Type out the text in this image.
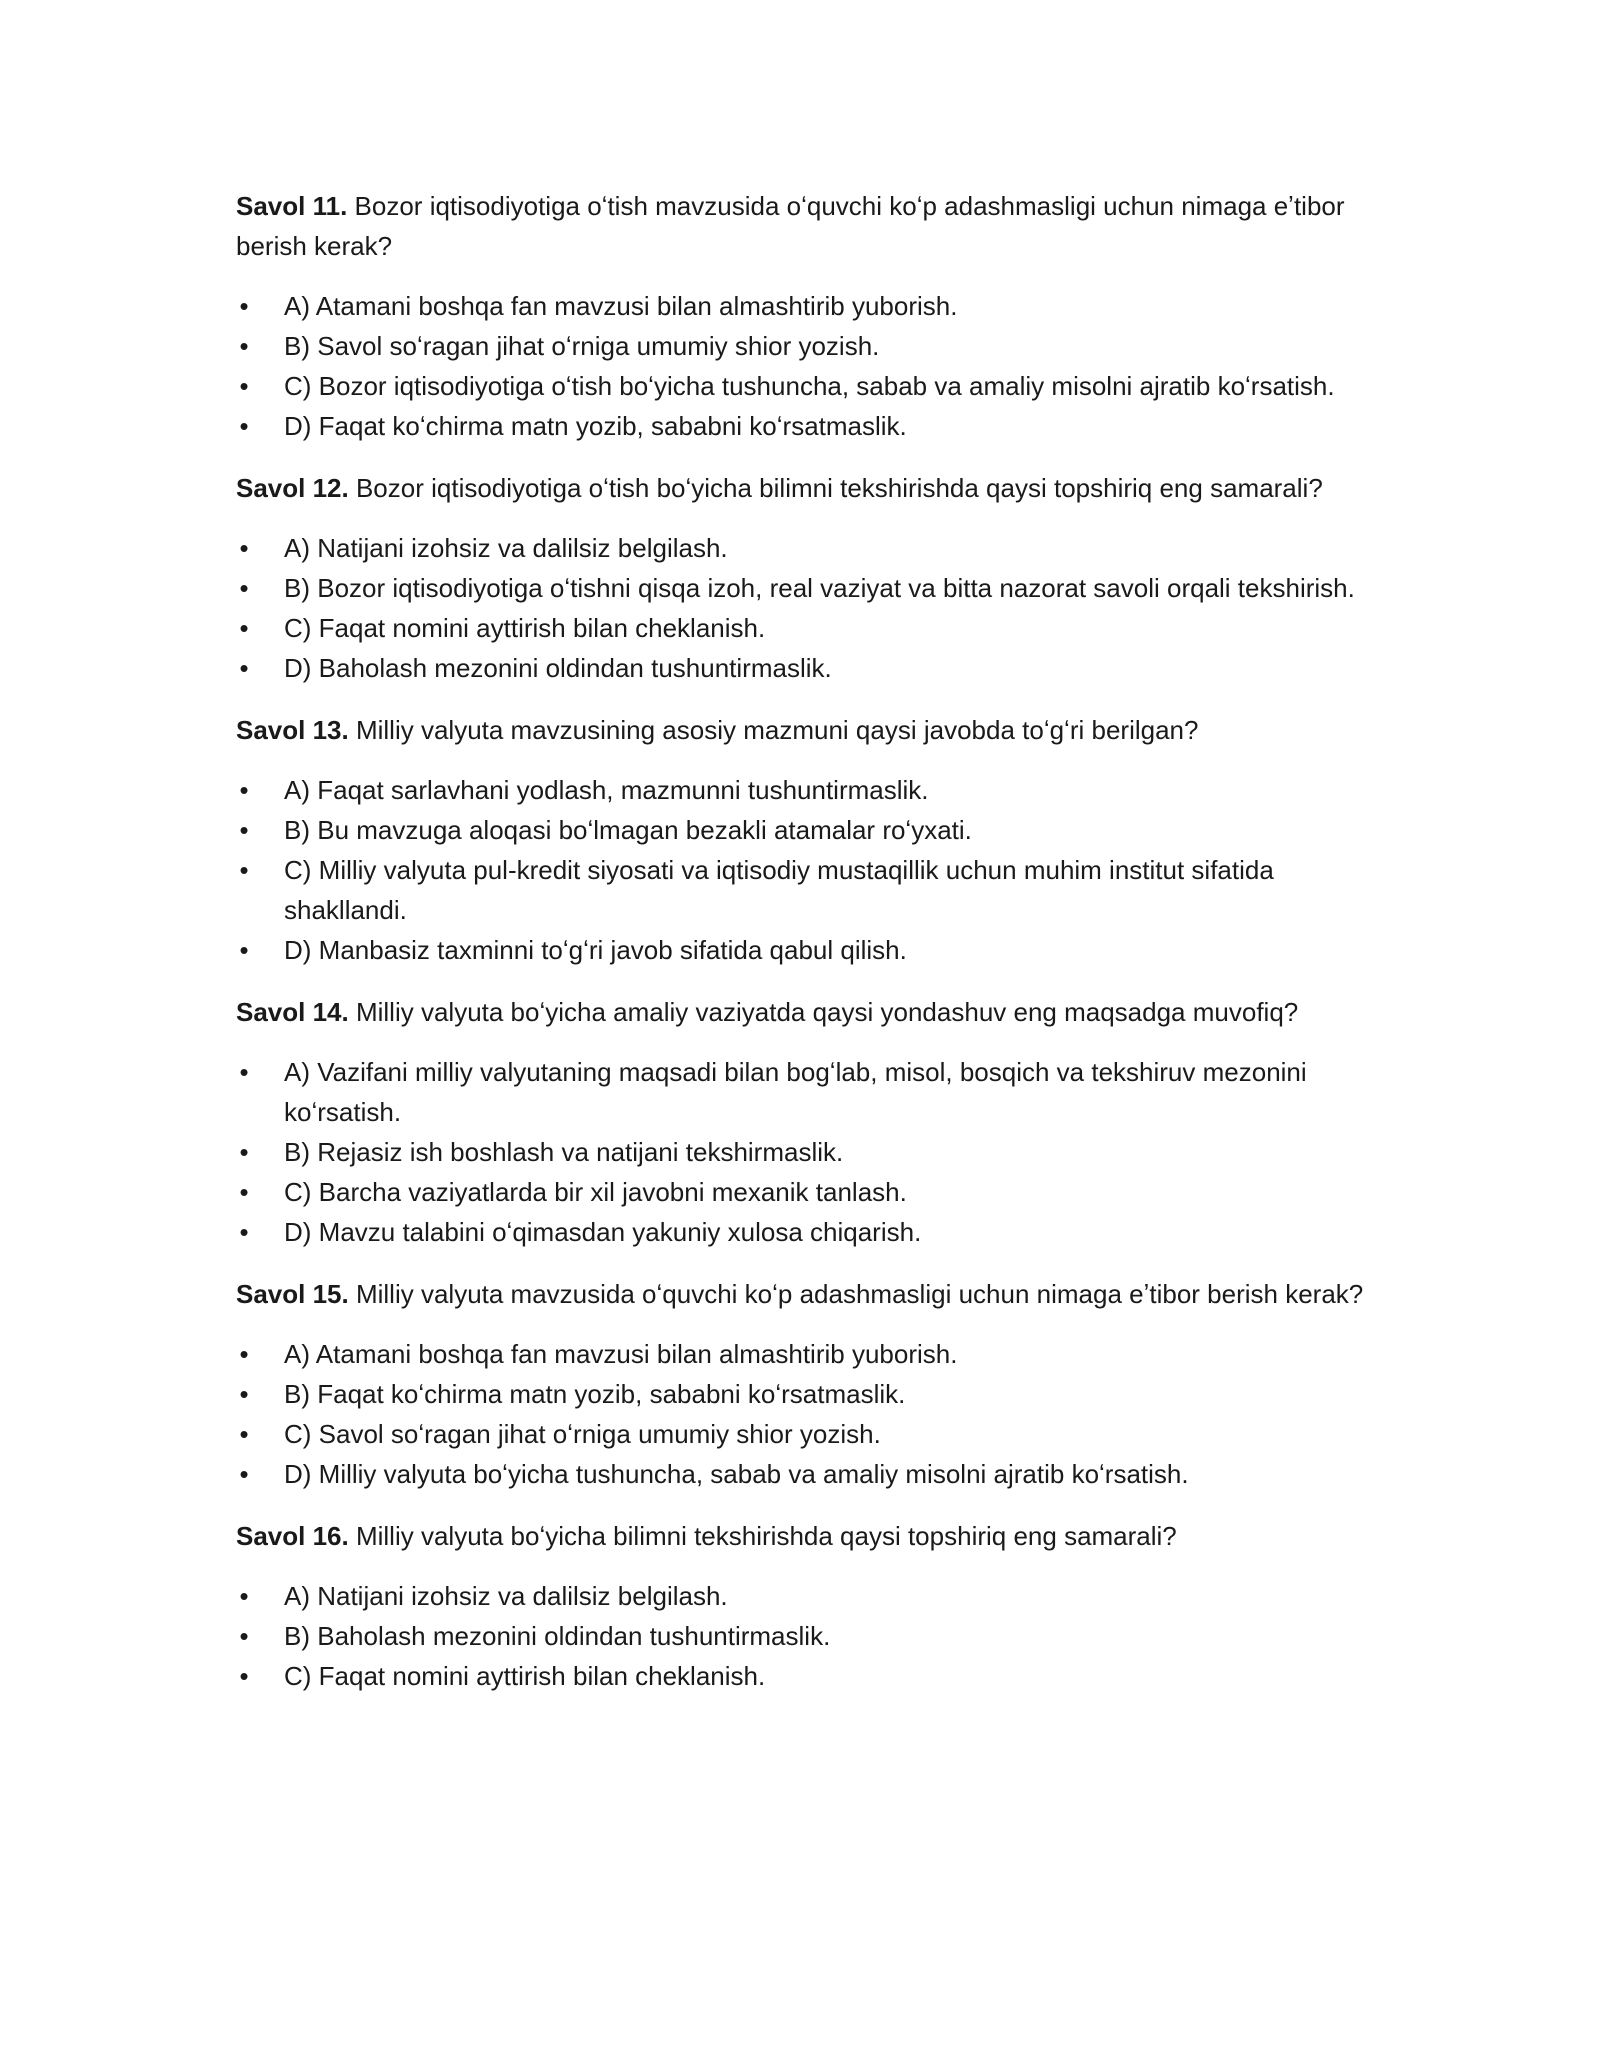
Savol 11. Bozor iqtisodiyotiga oʻtish mavzusida oʻquvchi koʻp adashmasligi uchun nimaga eʼtibor berish kerak?

• A) Atamani boshqa fan mavzusi bilan almashtirib yuborish.
• B) Savol soʻragan jihat oʻrniga umumiy shior yozish.
• C) Bozor iqtisodiyotiga oʻtish boʻyicha tushuncha, sabab va amaliy misolni ajratib koʻrsatish.
• D) Faqat koʻchirma matn yozib, sababni koʻrsatmaslik.

Savol 12. Bozor iqtisodiyotiga oʻtish boʻyicha bilimni tekshirishda qaysi topshiriq eng samarali?

• A) Natijani izohsiz va dalilsiz belgilash.
• B) Bozor iqtisodiyotiga oʻtishni qisqa izoh, real vaziyat va bitta nazorat savoli orqali tekshirish.
• C) Faqat nomini ayttirish bilan cheklanish.
• D) Baholash mezonini oldindan tushuntirmaslik.

Savol 13. Milliy valyuta mavzusining asosiy mazmuni qaysi javobda toʻgʻri berilgan?

• A) Faqat sarlavhani yodlash, mazmunni tushuntirmaslik.
• B) Bu mavzuga aloqasi boʻlmagan bezakli atamalar roʻyxati.
• C) Milliy valyuta pul-kredit siyosati va iqtisodiy mustaqillik uchun muhim institut sifatida shakllandi.
• D) Manbasiz taxminni toʻgʻri javob sifatida qabul qilish.

Savol 14. Milliy valyuta boʻyicha amaliy vaziyatda qaysi yondashuv eng maqsadga muvofiq?

• A) Vazifani milliy valyutaning maqsadi bilan bogʻlab, misol, bosqich va tekshiruv mezonini koʻrsatish.
• B) Rejasiz ish boshlash va natijani tekshirmaslik.
• C) Barcha vaziyatlarda bir xil javobni mexanik tanlash.
• D) Mavzu talabini oʻqimasdan yakuniy xulosa chiqarish.

Savol 15. Milliy valyuta mavzusida oʻquvchi koʻp adashmasligi uchun nimaga eʼtibor berish kerak?

• A) Atamani boshqa fan mavzusi bilan almashtirib yuborish.
• B) Faqat koʻchirma matn yozib, sababni koʻrsatmaslik.
• C) Savol soʻragan jihat oʻrniga umumiy shior yozish.
• D) Milliy valyuta boʻyicha tushuncha, sabab va amaliy misolni ajratib koʻrsatish.

Savol 16. Milliy valyuta boʻyicha bilimni tekshirishda qaysi topshiriq eng samarali?

• A) Natijani izohsiz va dalilsiz belgilash.
• B) Baholash mezonini oldindan tushuntirmaslik.
• C) Faqat nomini ayttirish bilan cheklanish.
